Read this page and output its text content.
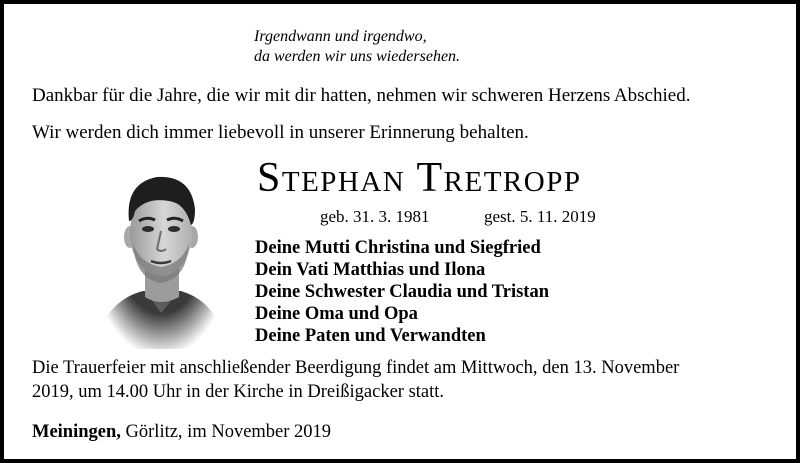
Irgendwann und irgendwo,
da werden wir uns wiedersehen.
Dankbar für die Jahre, die wir mit dir hatten, nehmen wir schweren Herzens Abschied.
Wir werden dich immer liebevoll in unserer Erinnerung behalten.
Stephan Tretropp
geb. 31. 3. 1981	gest. 5. 11. 2019
Deine Mutti Christina und Siegfried
Dein Vati Matthias und Ilona
Deine Schwester Claudia und Tristan
Deine Oma und Opa
Deine Paten und Verwandten
Die Trauerfeier mit anschließender Beerdigung findet am Mittwoch, den 13. November
2019, um 14.00 Uhr in der Kirche in Dreißigacker statt.
Meiningen, Görlitz, im November 2019
